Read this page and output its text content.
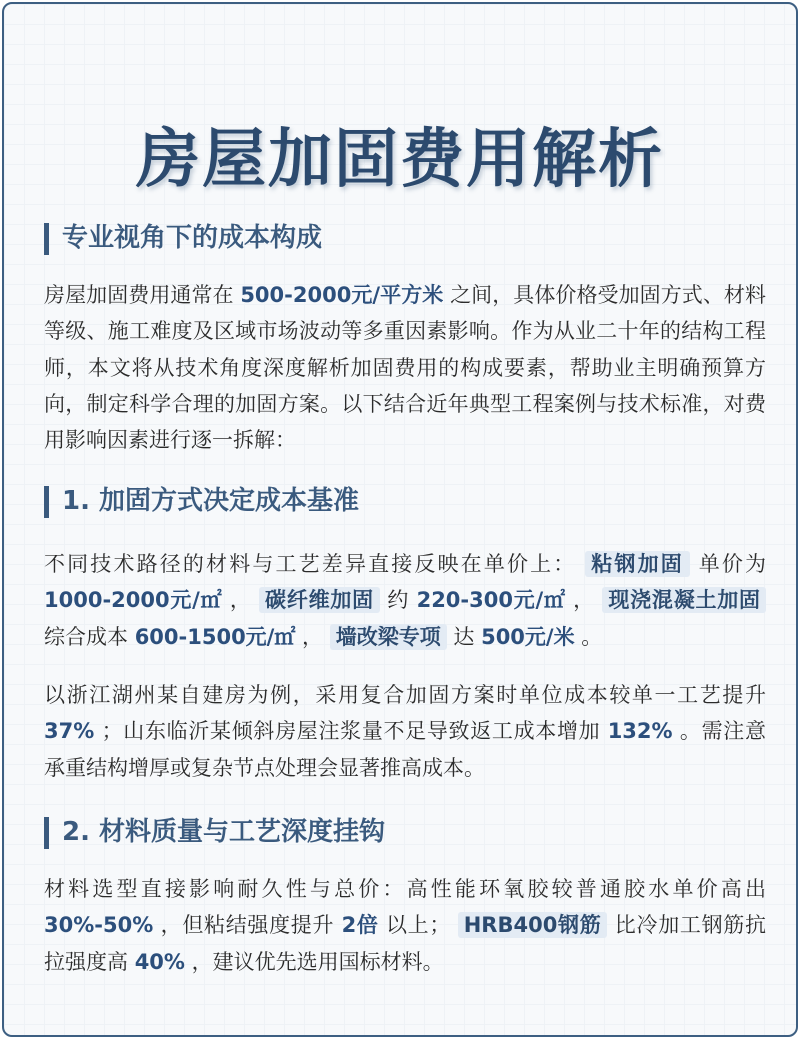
房屋加固费用解析
专业视角下的成本构成
房屋加固费用通常在 500-2000元/平方米 之间，具体价格受加固方式、材料等级、施工难度及区域市场波动等多重因素影响。作为从业二十年的结构工程师，本文将从技术角度深度解析加固费用的构成要素，帮助业主明确预算方向，制定科学合理的加固方案。以下结合近年典型工程案例与技术标准，对费用影响因素进行逐一拆解：
1. 加固方式决定成本基准
不同技术路径的材料与工艺差异直接反映在单价上： 粘钢加固 单价为 1000-2000元/㎡ ， 碳纤维加固 约 220-300元/㎡ ， 现浇混凝土加固 综合成本 600-1500元/㎡ ， 墙改梁专项 达 500元/米 。
以浙江湖州某自建房为例，采用复合加固方案时单位成本较单一工艺提升 37% ；山东临沂某倾斜房屋注浆量不足导致返工成本增加 132% 。需注意承重结构增厚或复杂节点处理会显著推高成本。
2. 材料质量与工艺深度挂钩
材料选型直接影响耐久性与总价：高性能环氧胶较普通胶水单价高出 30%-50% ，但粘结强度提升 2倍 以上； HRB400钢筋 比冷加工钢筋抗拉强度高 40% ，建议优先选用国标材料。
